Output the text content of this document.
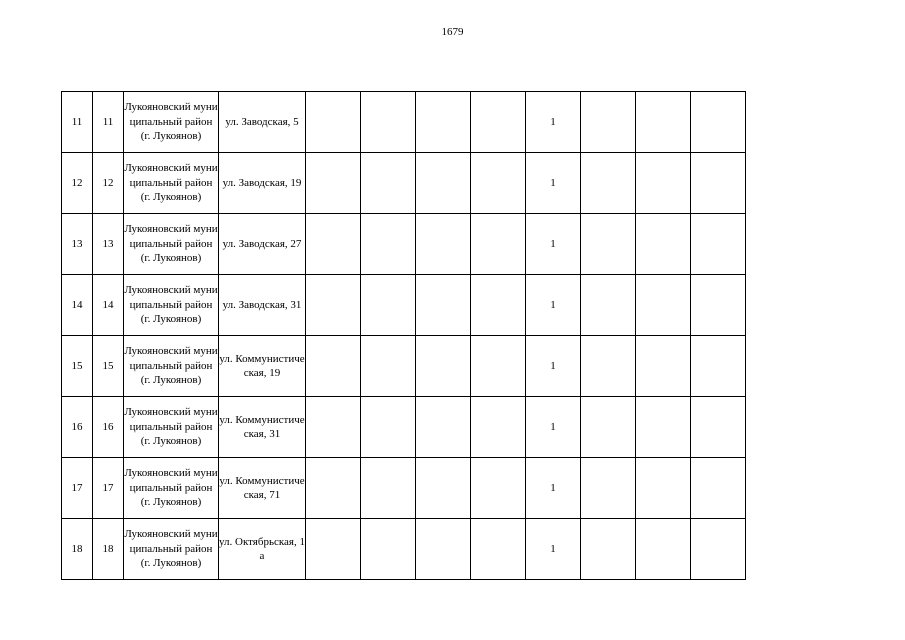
1679
11	11	Лукояновский муниципальный район (г. Лукоянов)	ул. Заводская, 5					1			
12	12	Лукояновский муниципальный район (г. Лукоянов)	ул. Заводская, 19					1			
13	13	Лукояновский муниципальный район (г. Лукоянов)	ул. Заводская, 27					1			
14	14	Лукояновский муниципальный район (г. Лукоянов)	ул. Заводская, 31					1			
15	15	Лукояновский муниципальный район (г. Лукоянов)	ул. Коммунистическая, 19					1			
16	16	Лукояновский муниципальный район (г. Лукоянов)	ул. Коммунистическая, 31					1			
17	17	Лукояновский муниципальный район (г. Лукоянов)	ул. Коммунистическая, 71					1			
18	18	Лукояновский муниципальный район (г. Лукоянов)	ул. Октябрьская, 1а					1			
